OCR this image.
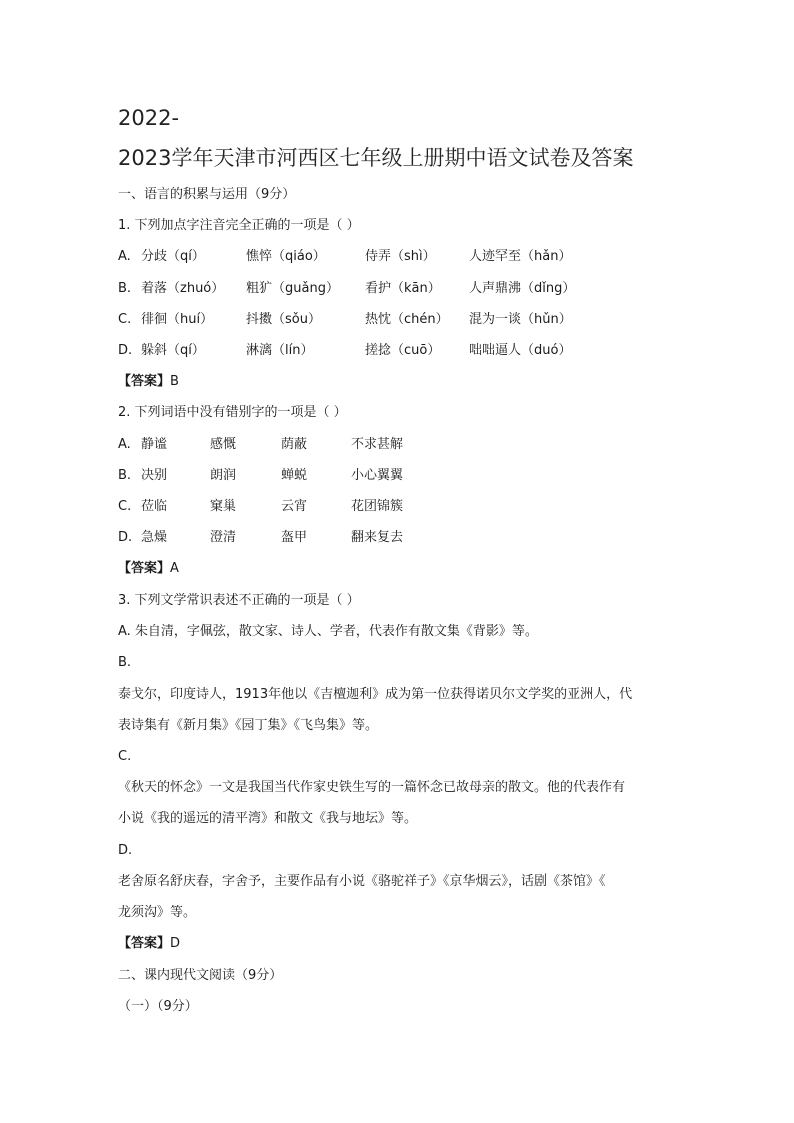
2022-
2023学年天津市河西区七年级上册期中语文试卷及答案
一、语言的积累与运用（9分）
1. 下列加点字注音完全正确的一项是（ ）
A. 分歧（qí）	憔悴（qiáo）	侍弄（shì）	人迹罕至（hǎn）
B. 着落（zhuó） 粗犷（guǎng） 看护（kān） 人声鼎沸（dǐng）
C. 徘徊（huí）	抖擞（sǒu）	热忱（chén） 混为一谈（hǔn）
D. 躲斜（qí）	淋漓（lín）	搓捻（cuō） 咄咄逼人（duó）
【答案】B
2. 下列词语中没有错别字的一项是（ ）
A. 静谧	感慨	荫蔽	不求甚解
B. 决别	朗润	蝉蜕	小心翼翼
C. 莅临	窠巢	云宵	花团锦簇
D. 急燥	澄清	盔甲	翻来复去
【答案】A
3. 下列文学常识表述不正确的一项是（ ）
A. 朱自清，字佩弦，散文家、诗人、学者，代表作有散文集《背影》等。
B.
泰戈尔，印度诗人，1913年他以《吉檀迦利》成为第一位获得诺贝尔文学奖的亚洲人，代
表诗集有《新月集》《园丁集》《飞鸟集》等。
C.
《秋天的怀念》一文是我国当代作家史铁生写的一篇怀念已故母亲的散文。他的代表作有
小说《我的遥远的清平湾》和散文《我与地坛》等。
D.
老舍原名舒庆春，字舍予，主要作品有小说《骆驼祥子》《京华烟云》，话剧《茶馆》《
龙须沟》等。
【答案】D
二、课内现代文阅读（9分）
（一）（9分）
